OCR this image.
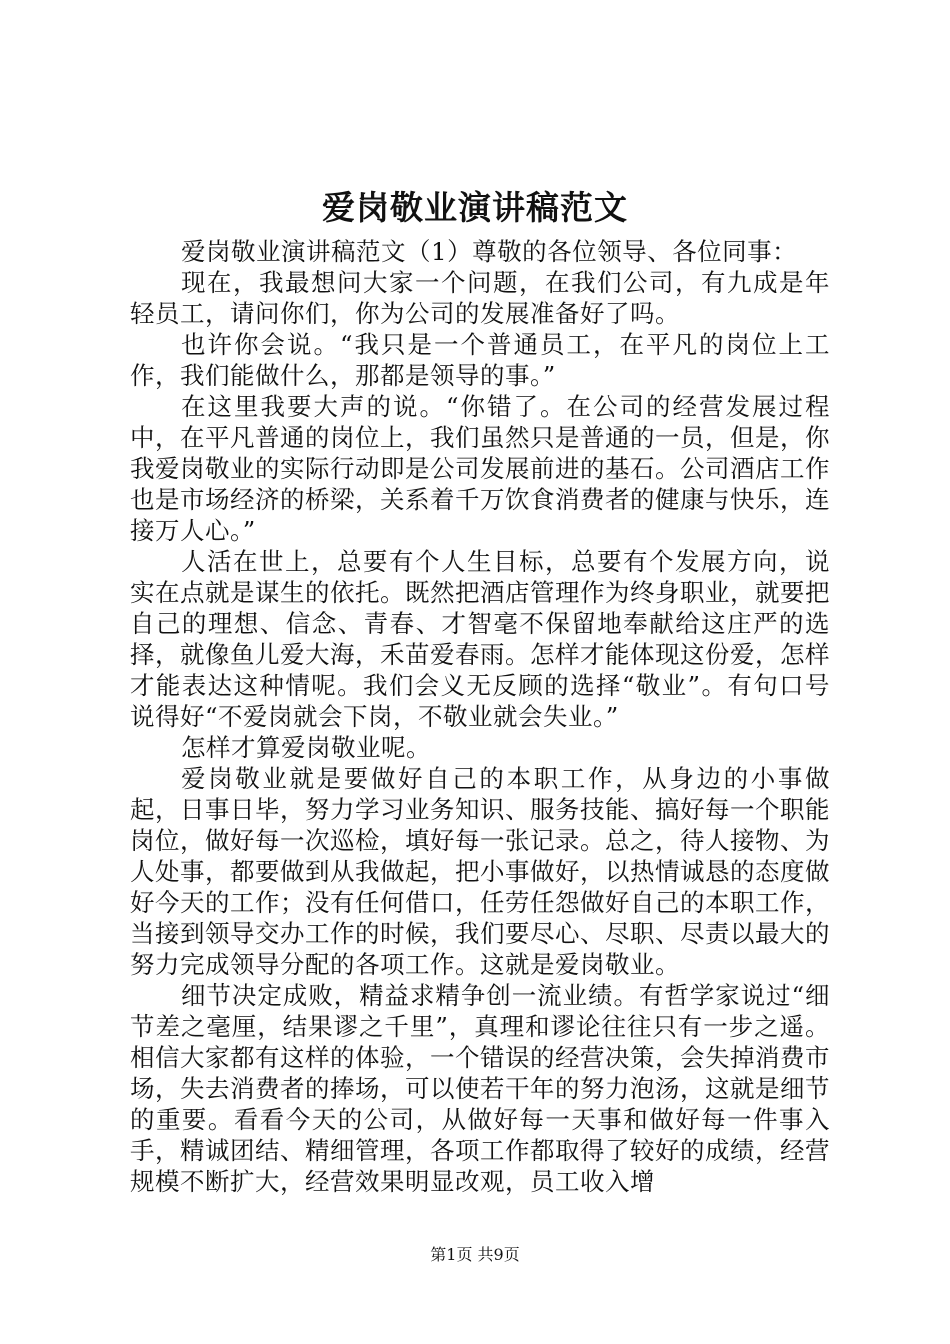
爱岗敬业演讲稿范文

爱岗敬业演讲稿范文（1）尊敬的各位领导、各位同事：

现在，我最想问大家一个问题，在我们公司，有九成是年轻员工，请问你们，你为公司的发展准备好了吗。

也许你会说。“我只是一个普通员工，在平凡的岗位上工作，我们能做什么，那都是领导的事。”

在这里我要大声的说。“你错了。在公司的经营发展过程中，在平凡普通的岗位上，我们虽然只是普通的一员，但是，你我爱岗敬业的实际行动即是公司发展前进的基石。公司酒店工作也是市场经济的桥梁，关系着千万饮食消费者的健康与快乐，连接万人心。”

人活在世上，总要有个人生目标，总要有个发展方向，说实在点就是谋生的依托。既然把酒店管理作为终身职业，就要把自己的理想、信念、青春、才智毫不保留地奉献给这庄严的选择，就像鱼儿爱大海，禾苗爱春雨。怎样才能体现这份爱，怎样才能表达这种情呢。我们会义无反顾的选择“敬业”。有句口号说得好“不爱岗就会下岗，不敬业就会失业。”

怎样才算爱岗敬业呢。

爱岗敬业就是要做好自己的本职工作，从身边的小事做起，日事日毕，努力学习业务知识、服务技能、搞好每一个职能岗位，做好每一次巡检，填好每一张记录。总之，待人接物、为人处事，都要做到从我做起，把小事做好，以热情诚恳的态度做好今天的工作；没有任何借口，任劳任怨做好自己的本职工作，当接到领导交办工作的时候，我们要尽心、尽职、尽责以最大的努力完成领导分配的各项工作。这就是爱岗敬业。

细节决定成败，精益求精争创一流业绩。有哲学家说过“细节差之毫厘，结果谬之千里”，真理和谬论往往只有一步之遥。相信大家都有这样的体验，一个错误的经营决策，会失掉消费市场，失去消费者的捧场，可以使若干年的努力泡汤，这就是细节的重要。看看今天的公司，从做好每一天事和做好每一件事入手，精诚团结、精细管理，各项工作都取得了较好的成绩，经营规模不断扩大，经营效果明显改观，员工收入增

第1页 共9页
